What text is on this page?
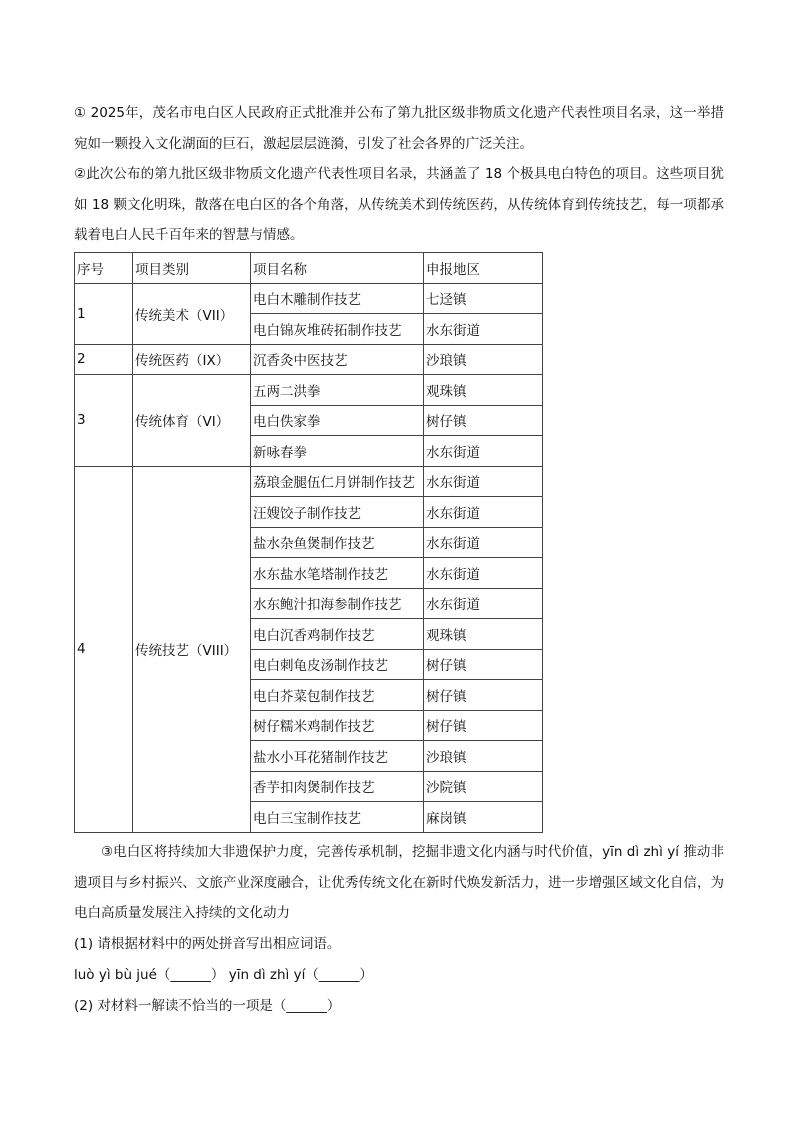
① 2025年，茂名市电白区人民政府正式批准并公布了第九批区级非物质文化遗产代表性项目名录，这一举措宛如一颗投入文化湖面的巨石，激起层层涟漪，引发了社会各界的广泛关注。

②此次公布的第九批区级非物质文化遗产代表性项目名录，共涵盖了 18 个极具电白特色的项目。这些项目犹如 18 颗文化明珠，散落在电白区的各个角落，从传统美术到传统医药，从传统体育到传统技艺，每一项都承载着电白人民千百年来的智慧与情感。

③电白区将持续加大非遗保护力度，完善传承机制，挖掘非遗文化内涵与时代价值，yīn dì zhì yí 推动非遗项目与乡村振兴、文旅产业深度融合，让优秀传统文化在新时代焕发新活力，进一步增强区域文化自信，为电白高质量发展注入持续的文化动力

(1) 请根据材料中的两处拼音写出相应词语。

luò yì bù jué（______） yīn dì zhì yí（______）

(2) 对材料一解读不恰当的一项是（______）

序号	项目类别	项目名称	申报地区
1	传统美术（VII）	电白木雕制作技艺	七迳镇
		电白锦灰堆砖拓制作技艺	水东街道
2	传统医药（IX）	沉香灸中医技艺	沙琅镇
3	传统体育（VI）	五两二洪拳	观珠镇
		电白佚家拳	树仔镇
		新咏春拳	水东街道
4	传统技艺（VIII）	荔琅金腿伍仁月饼制作技艺	水东街道
		汪嫂饺子制作技艺	水东街道
		盐水杂鱼煲制作技艺	水东街道
		水东盐水笔塔制作技艺	水东街道
		水东鲍汁扣海参制作技艺	水东街道
		电白沉香鸡制作技艺	观珠镇
		电白刺龟皮汤制作技艺	树仔镇
		电白芥菜包制作技艺	树仔镇
		树仔糯米鸡制作技艺	树仔镇
		盐水小耳花猪制作技艺	沙琅镇
		香芋扣肉煲制作技艺	沙院镇
		电白三宝制作技艺	麻岗镇
